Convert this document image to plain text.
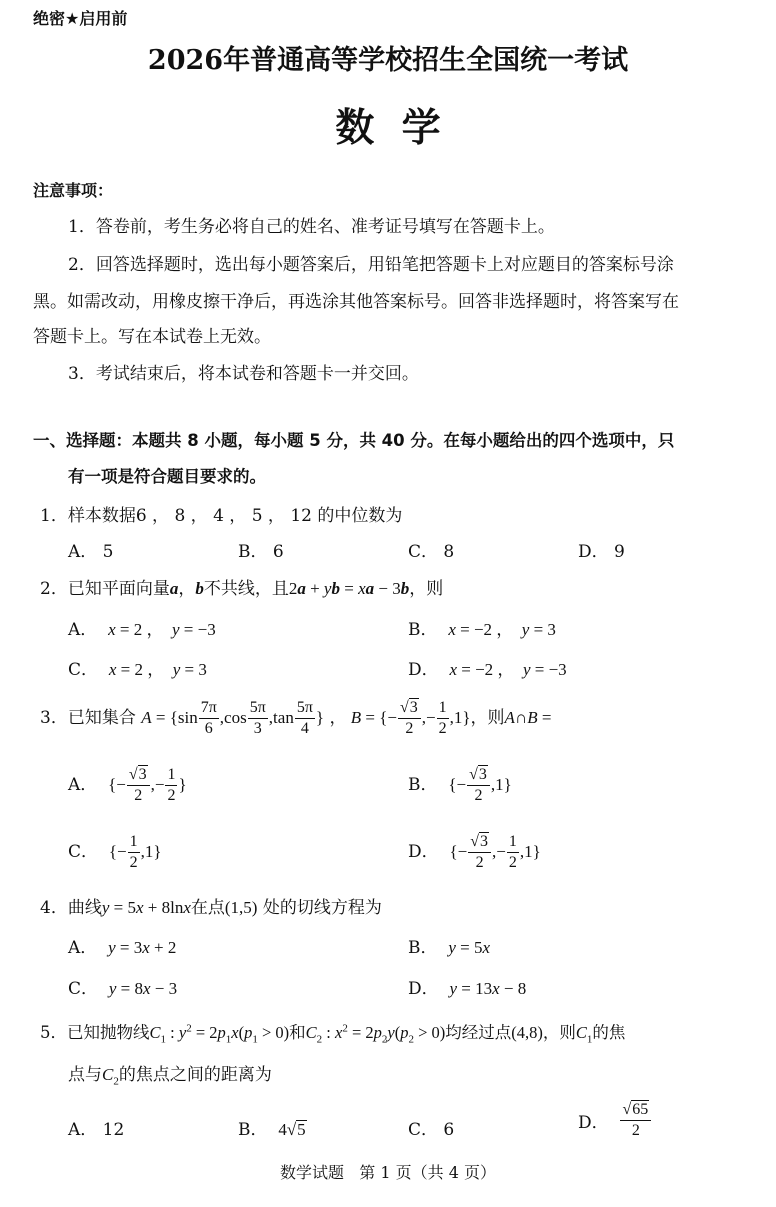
绝密★启用前
2026年普通高等学校招生全国统一考试
数  学
注意事项：
1．答卷前，考生务必将自己的姓名、准考证号填写在答题卡上。
2．回答选择题时，选出每小题答案后，用铅笔把答题卡上对应题目的答案标号涂
黑。如需改动，用橡皮擦干净后，再选涂其他答案标号。回答非选择题时，将答案写在
答题卡上。写在本试卷上无效。
3．考试结束后，将本试卷和答题卡一并交回。
一、选择题：本题共 8 小题，每小题 5 分，共 40 分。在每小题给出的四个选项中，只
有一项是符合题目要求的。
1．样本数据6 ， 8 ， 4 ， 5 ， 12 的中位数为
A． 5	B． 6	C． 8	D． 9
2．已知平面向量a，b不共线，且2a + yb = xa − 3b，则
A． x = 2 ，  y = −3	B． x = −2 ，  y = 3
C． x = 2 ，  y = 3	D． x = −2 ，  y = −3
3．已知集合 $A = \{\sin \frac{7\pi}{6} ,\cos \frac{5\pi}{3} ,\tan \frac{5\pi}{4}$ } ， B = {− $\frac{√3}{2}$ ,− $\frac{1}{2} ,1$}，则A∩B =
A． {− $\frac{√3}{2}$ ,− $\frac{1}{2}$ }	B． {− $\frac{√3}{2} ,1$}
C． {− $\frac{1}{2} ,1$}	D． {− $\frac{√3}{2}$ ,− $\frac{1}{2} ,1$}
4．曲线y = 5x + 8lnx在点(1,5) 处的切线方程为
A． y = 3x + 2	B． y = 5x
C． y = 8x − 3	D． y = 13x − 8
5．已知抛物线$C_1$ : $y^2 = 2p_1x(p_1 > 0)$和$C_2$ : $x^2 = 2p_2y(p_2 > 0)$均经过点(4,8)，则$C_1$的焦
点与$C_2$的焦点之间的距离为
A． 12	B． 4√5	C． 6	D． $\frac{√65}{2}$
数学试题   第 1 页（共 4 页）
